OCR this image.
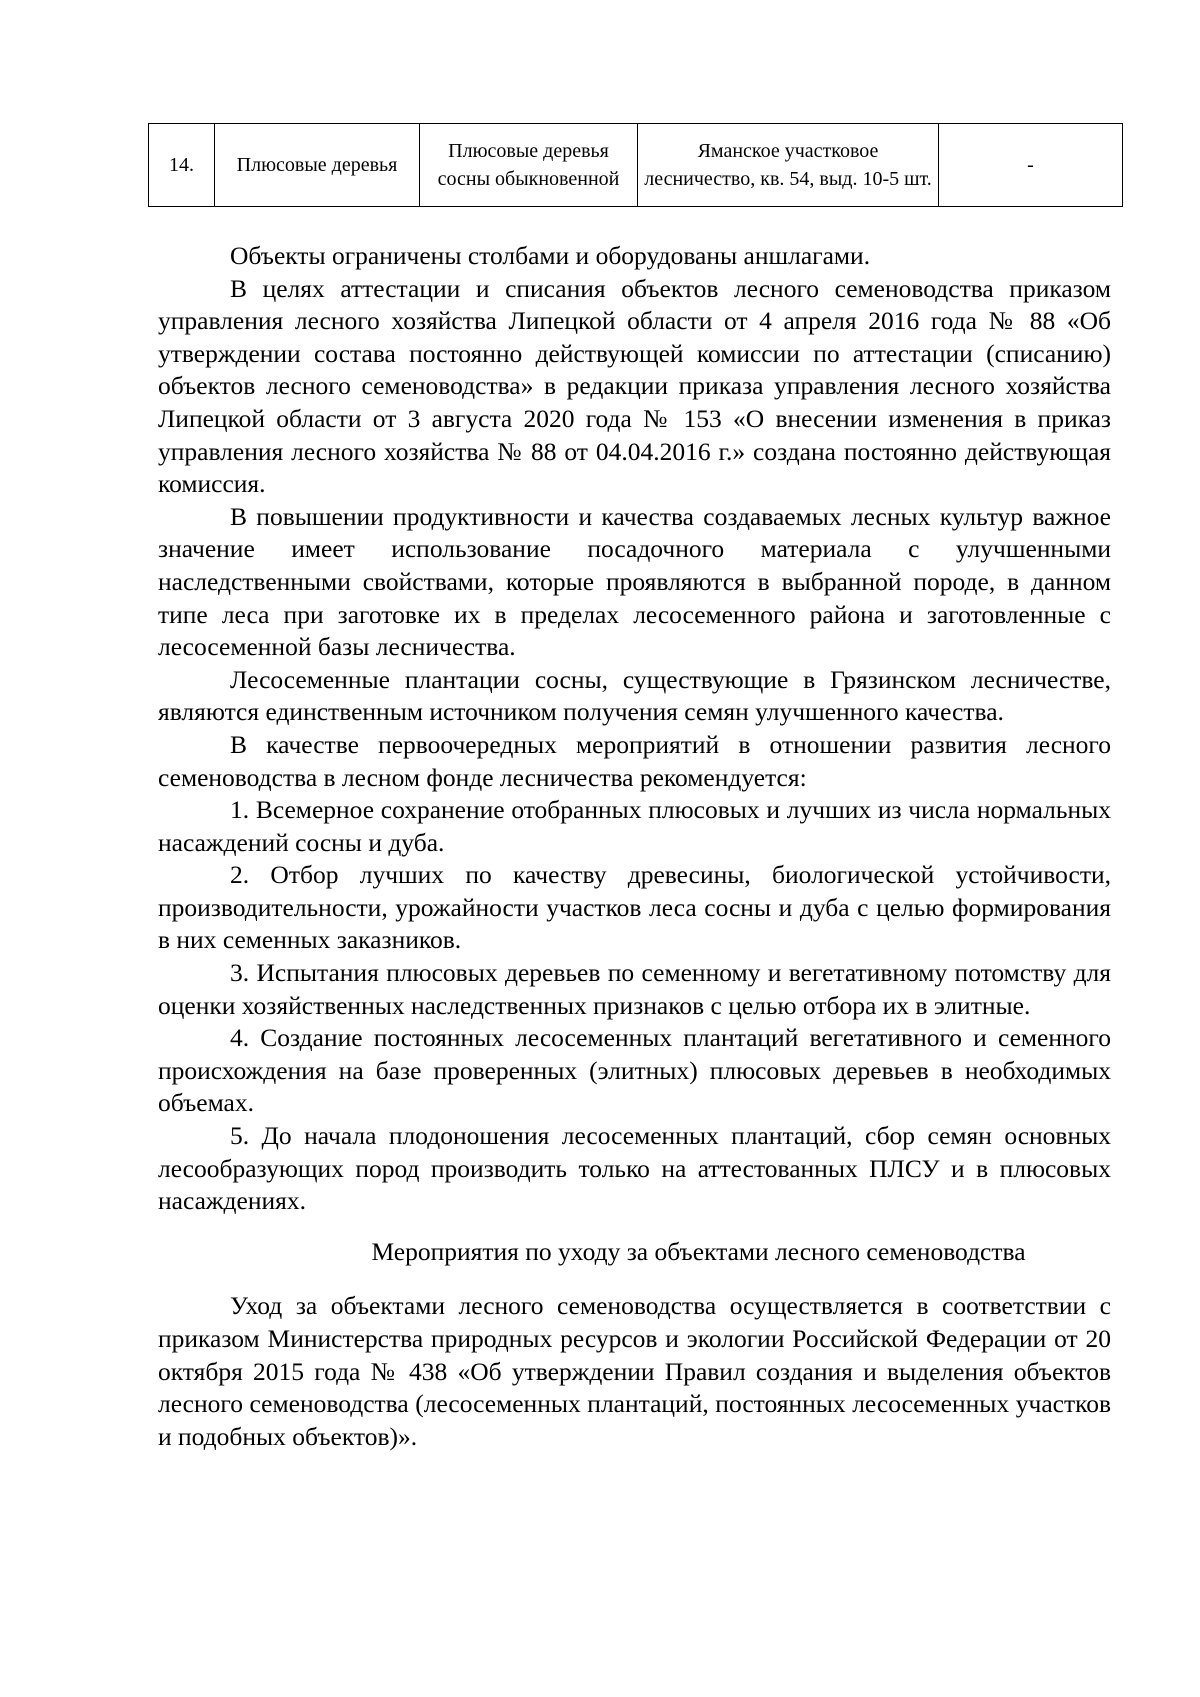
14.	Плюсовые деревья	Плюсовые деревья сосны обыкновенной	Яманское участковое лесничество, кв. 54, выд. 10-5 шт.	-

Объекты ограничены столбами и оборудованы аншлагами.

В целях аттестации и списания объектов лесного семеноводства приказом управления лесного хозяйства Липецкой области от 4 апреля 2016 года № 88 «Об утверждении состава постоянно действующей комиссии по аттестации (списанию) объектов лесного семеноводства» в редакции приказа управления лесного хозяйства Липецкой области от 3 августа 2020 года № 153 «О внесении изменения в приказ управления лесного хозяйства № 88 от 04.04.2016 г.» создана постоянно действующая комиссия.

В повышении продуктивности и качества создаваемых лесных культур важное значение имеет использование посадочного материала с улучшенными наследственными свойствами, которые проявляются в выбранной породе, в данном типе леса при заготовке их в пределах лесосеменного района и заготовленные с лесосеменной базы лесничества.

Лесосеменные плантации сосны, существующие в Грязинском лесничестве, являются единственным источником получения семян улучшенного качества.

В качестве первоочередных мероприятий в отношении развития лесного семеноводства в лесном фонде лесничества рекомендуется:

1. Всемерное сохранение отобранных плюсовых и лучших из числа нормальных насаждений сосны и дуба.

2. Отбор лучших по качеству древесины, биологической устойчивости, производительности, урожайности участков леса сосны и дуба с целью формирования в них семенных заказников.

3. Испытания плюсовых деревьев по семенному и вегетативному потомству для оценки хозяйственных наследственных признаков с целью отбора их в элитные.

4. Создание постоянных лесосеменных плантаций вегетативного и семенного происхождения на базе проверенных (элитных) плюсовых деревьев в необходимых объемах.

5. До начала плодоношения лесосеменных плантаций, сбор семян основных лесообразующих пород производить только на аттестованных ПЛСУ и в плюсовых насаждениях.

Мероприятия по уходу за объектами лесного семеноводства

Уход за объектами лесного семеноводства осуществляется в соответствии с приказом Министерства природных ресурсов и экологии Российской Федерации от 20 октября 2015 года № 438 «Об утверждении Правил создания и выделения объектов лесного семеноводства (лесосеменных плантаций, постоянных лесосеменных участков и подобных объектов)».
